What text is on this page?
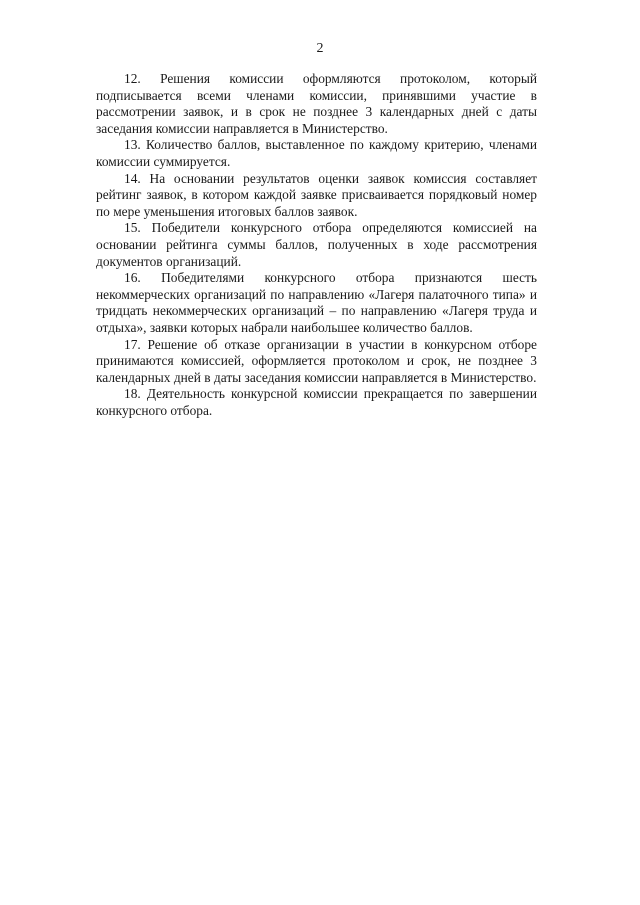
2

12. Решения комиссии оформляются протоколом, который подписывается всеми членами комиссии, принявшими участие в рассмотрении заявок, и в срок не позднее 3 календарных дней с даты заседания комиссии направляется в Министерство.

13. Количество баллов, выставленное по каждому критерию, членами комиссии суммируется.

14. На основании результатов оценки заявок комиссия составляет рейтинг заявок, в котором каждой заявке присваивается порядковый номер по мере уменьшения итоговых баллов заявок.

15. Победители конкурсного отбора определяются комиссией на основании рейтинга суммы баллов, полученных в ходе рассмотрения документов организаций.

16. Победителями конкурсного отбора признаются шесть некоммерческих организаций по направлению «Лагеря палаточного типа» и тридцать некоммерческих организаций – по направлению «Лагеря труда и отдыха», заявки которых набрали наибольшее количество баллов.

17. Решение об отказе организации в участии в конкурсном отборе принимаются комиссией, оформляется протоколом и срок, не позднее 3 календарных дней в даты заседания комиссии направляется в Министерство.

18. Деятельность конкурсной комиссии прекращается по завершении конкурсного отбора.
